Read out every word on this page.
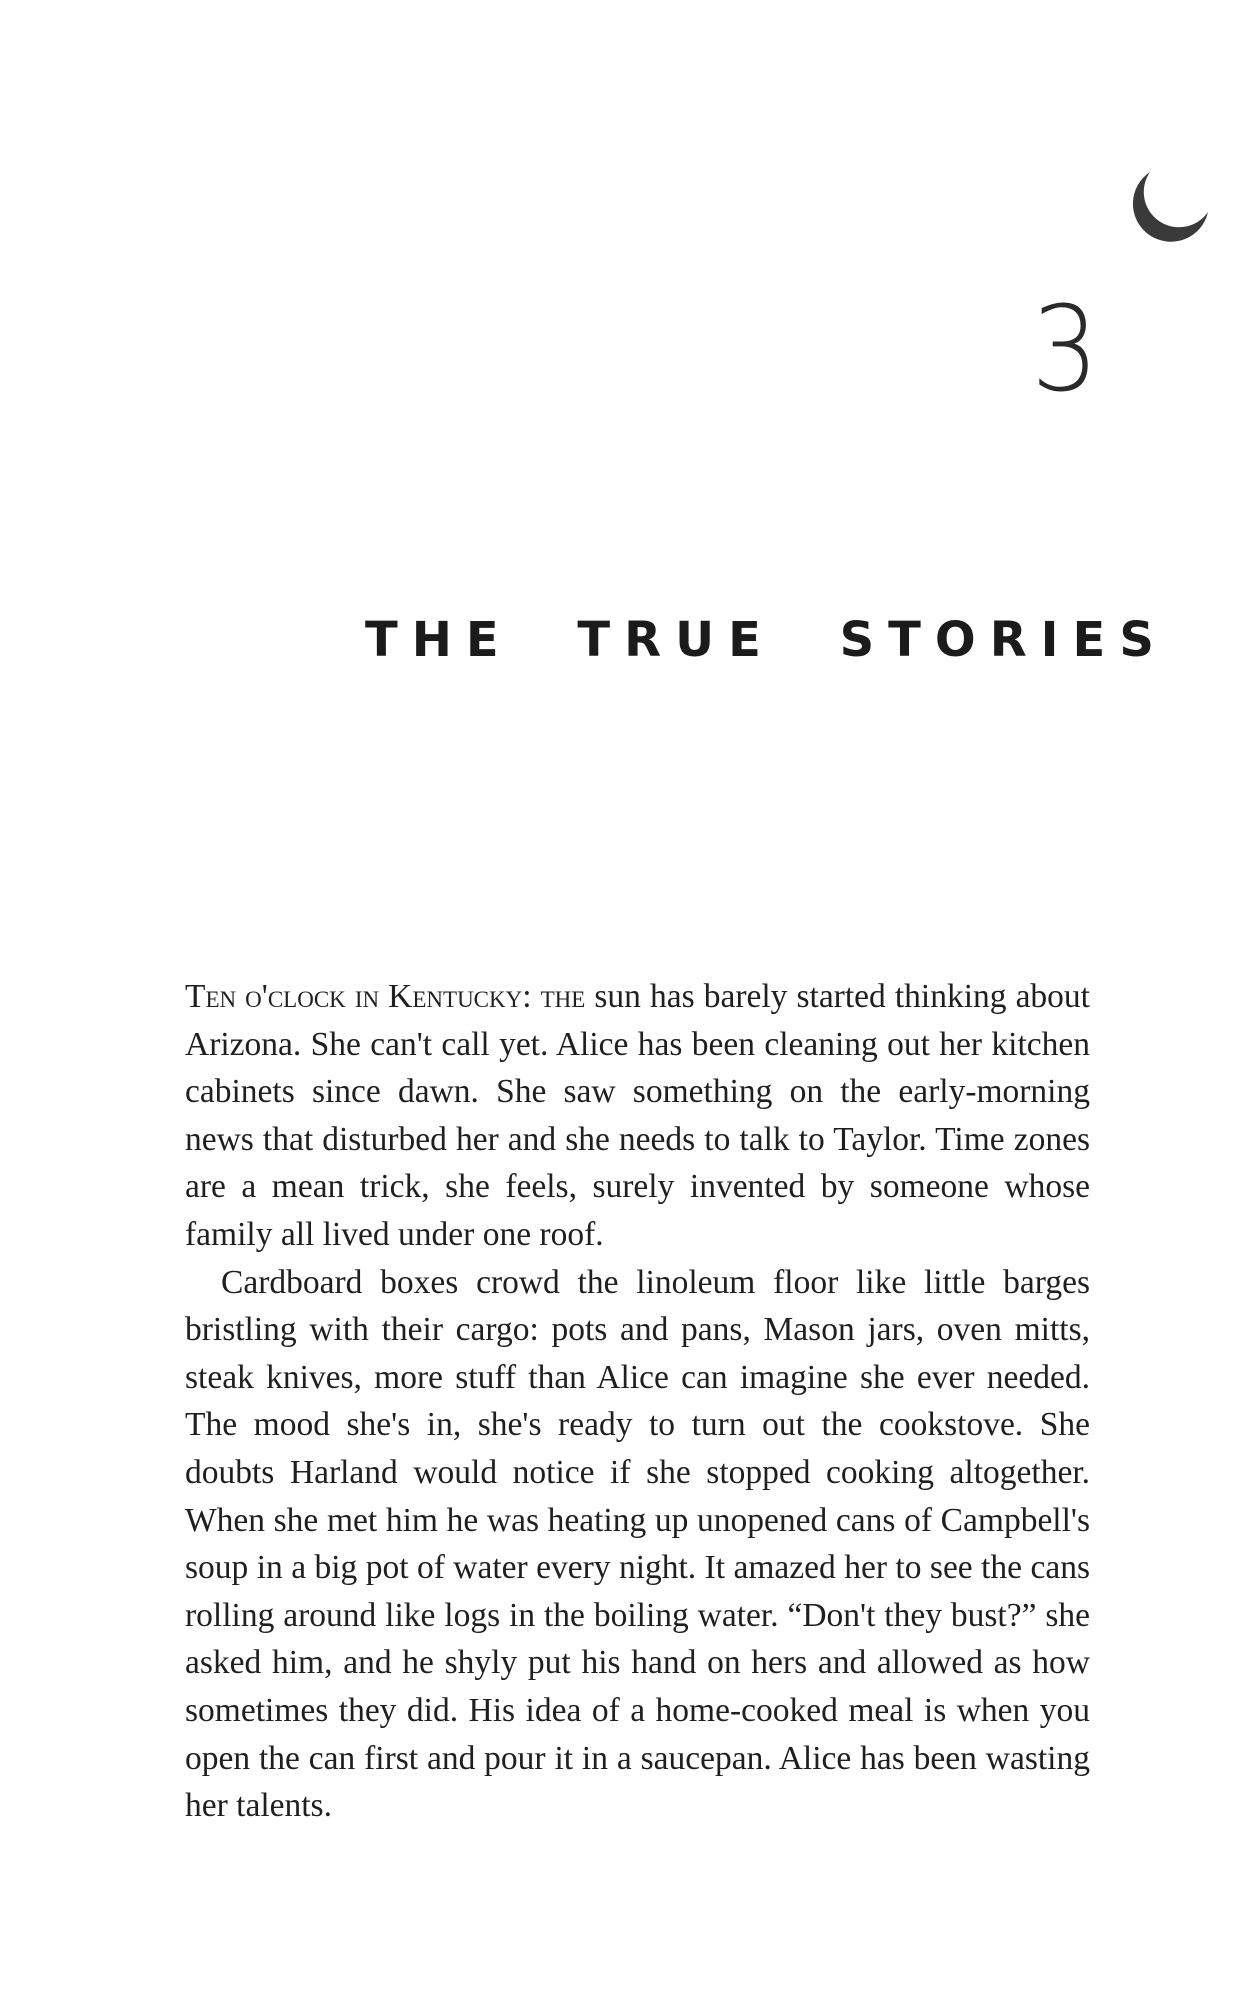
3
THE TRUE STORIES

Ten o'clock in Kentucky: the sun has barely started thinking about Arizona. She can't call yet. Alice has been cleaning out her kitchen cabinets since dawn. She saw something on the early-morning news that disturbed her and she needs to talk to Taylor. Time zones are a mean trick, she feels, surely invented by someone whose family all lived under one roof.

Cardboard boxes crowd the linoleum floor like little barges bristling with their cargo: pots and pans, Mason jars, oven mitts, steak knives, more stuff than Alice can imagine she ever needed. The mood she's in, she's ready to turn out the cookstove. She doubts Harland would notice if she stopped cooking altogether. When she met him he was heating up unopened cans of Campbell's soup in a big pot of water every night. It amazed her to see the cans rolling around like logs in the boiling water. “Don't they bust?” she asked him, and he shyly put his hand on hers and allowed as how sometimes they did. His idea of a home-cooked meal is when you open the can first and pour it in a saucepan. Alice has been wasting her talents.
